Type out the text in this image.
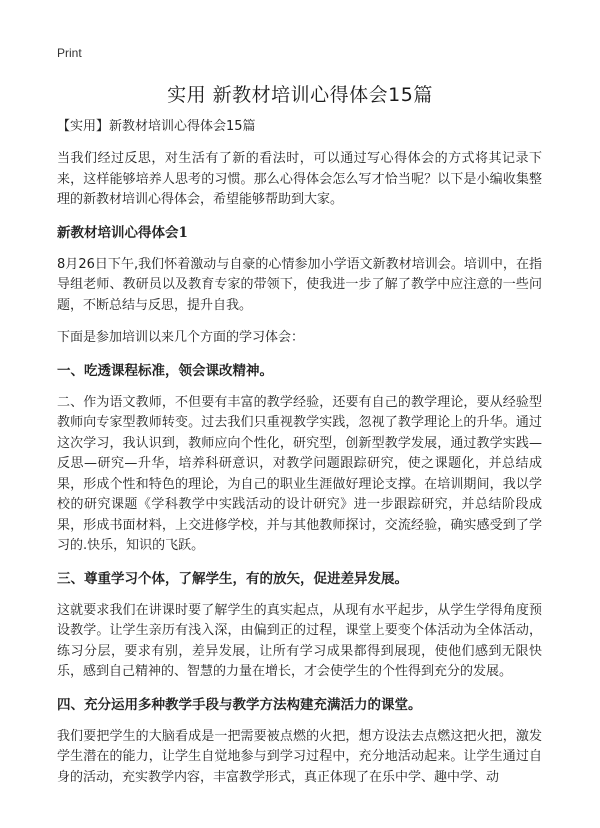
Print
实用 新教材培训心得体会15篇
【实用】新教材培训心得体会15篇

当我们经过反思，对生活有了新的看法时，可以通过写心得体会的方式将其记录下来，这样能够培养人思考的习惯。那么心得体会怎么写才恰当呢？以下是小编收集整理的新教材培训心得体会，希望能够帮助到大家。

新教材培训心得体会1

8月26日下午,我们怀着激动与自豪的心情参加小学语文新教材培训会。培训中，在指导组老师、教研员以及教育专家的带领下，使我进一步了解了教学中应注意的一些问题，不断总结与反思，提升自我。

下面是参加培训以来几个方面的学习体会：

一、吃透课程标准，领会课改精神。

二、作为语文教师，不但要有丰富的教学经验，还要有自己的教学理论，要从经验型教师向专家型教师转变。过去我们只重视教学实践，忽视了教学理论上的升华。通过这次学习，我认识到，教师应向个性化，研究型，创新型教学发展，通过教学实践—反思—研究—升华，培养科研意识，对教学问题跟踪研究，使之课题化，并总结成果，形成个性和特色的理论，为自己的职业生涯做好理论支撑。在培训期间，我以学校的研究课题《学科教学中实践活动的设计研究》进一步跟踪研究，并总结阶段成果，形成书面材料，上交进修学校，并与其他教师探讨，交流经验，确实感受到了学习的.快乐，知识的飞跃。

三、尊重学习个体，了解学生，有的放矢，促进差异发展。

这就要求我们在讲课时要了解学生的真实起点，从现有水平起步，从学生学得角度预设教学。让学生亲历有浅入深，由偏到正的过程，课堂上要变个体活动为全体活动，练习分层，要求有别，差异发展，让所有学习成果都得到展现，使他们感到无限快乐，感到自己精神的、智慧的力量在增长，才会使学生的个性得到充分的发展。

四、充分运用多种教学手段与教学方法构建充满活力的课堂。

我们要把学生的大脑看成是一把需要被点燃的火把，想方设法去点燃这把火把，激发学生潜在的能力，让学生自觉地参与到学习过程中，充分地活动起来。让学生通过自身的活动，充实教学内容，丰富教学形式，真正体现了在乐中学、趣中学、动
